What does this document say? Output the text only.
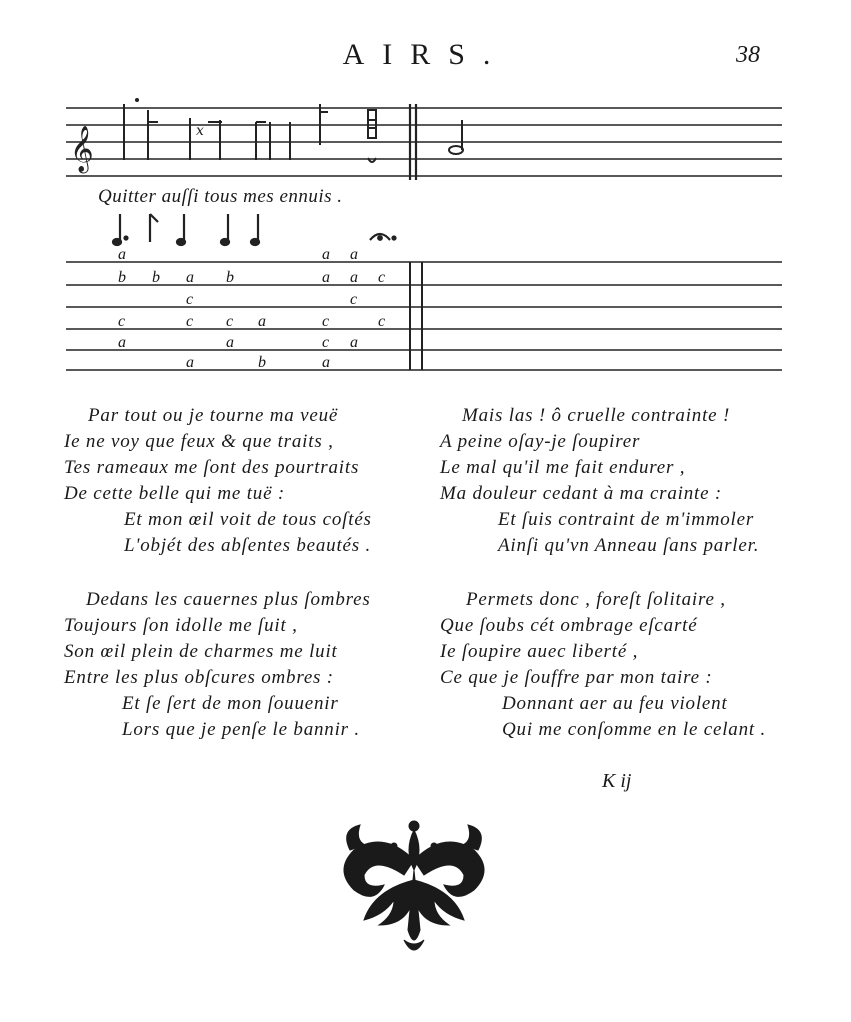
AIRS.	38
𝄞	x
a	a a
b b a b	a a c
c	c
c	c c a	c	c
a	a	c a
a	b	a
Quitter auſſi tous mes ennuis .
Par tout ou je tourne ma veuë
Ie ne voy que feux & que traits ,
Tes rameaux me ſont des pourtraits
De cette belle qui me tuë :
Et mon œil voit de tous coſtés
L'objét des abſentes beautés .
Dedans les cauernes plus ſombres
Toujours ſon idolle me ſuit ,
Son œil plein de charmes me luit
Entre les plus obſcures ombres :
Et ſe ſert de mon ſouuenir
Lors que je penſe le bannir .
Mais las ! ô cruelle contrainte !
A peine oſay-je ſoupirer
Le mal qu'il me fait endurer ,
Ma douleur cedant à ma crainte :
Et ſuis contraint de m'immoler
Ainſi qu'vn Anneau ſans parler.
Permets donc , foreſt ſolitaire ,
Que ſoubs cét ombrage eſcarté
Ie ſoupire auec liberté ,
Ce que je ſouffre par mon taire :
Donnant aer au feu violent
Qui me conſomme en le celant .
K ij
